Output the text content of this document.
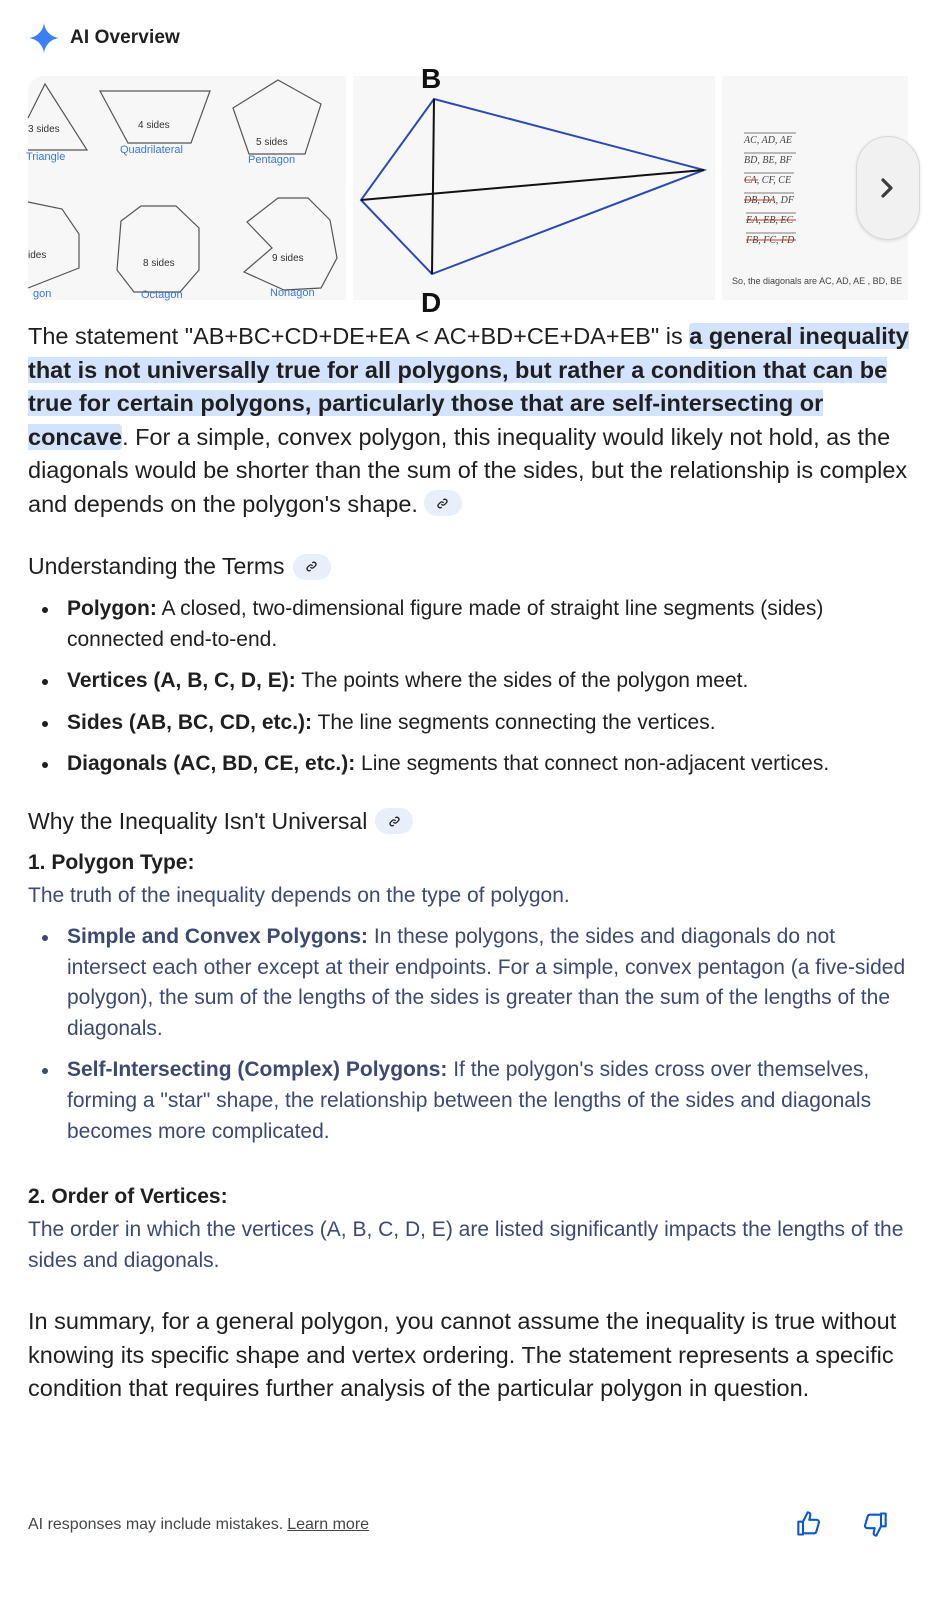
AI Overview
3 sides	4 sides
5 sides
ides
8 sides	9 sides
Triangle
Quadrilateral
Pentagon
gon	Octagon	Nonagon
B
D
AC, AD, AE
BD, BE, BF
CA, CF, CE
DB, DA, DF
EA, EB, EC
FB, FC, FD
So, the diagonals are AC, AD, AE , BD, BE

The statement "AB+BC+CD+DE+EA < AC+BD+CE+DA+EB" is a general inequality that is not universally true for all polygons, but rather a condition that can be true for certain polygons, particularly those that are self-intersecting or concave. For a simple, convex polygon, this inequality would likely not hold, as the diagonals would be shorter than the sum of the sides, but the relationship is complex and depends on the polygon's shape.

Understanding the Terms
Polygon: A closed, two-dimensional figure made of straight line segments (sides) connected end-to-end.
Vertices (A, B, C, D, E): The points where the sides of the polygon meet.
Sides (AB, BC, CD, etc.): The line segments connecting the vertices.
Diagonals (AC, BD, CE, etc.): Line segments that connect non-adjacent vertices.
Why the Inequality Isn't Universal
1. Polygon Type:
The truth of the inequality depends on the type of polygon.
Simple and Convex Polygons: In these polygons, the sides and diagonals do not intersect each other except at their endpoints. For a simple, convex pentagon (a five-sided polygon), the sum of the lengths of the sides is greater than the sum of the lengths of the diagonals.
Self-Intersecting (Complex) Polygons: If the polygon's sides cross over themselves, forming a "star" shape, the relationship between the lengths of the sides and diagonals becomes more complicated.
2. Order of Vertices:
The order in which the vertices (A, B, C, D, E) are listed significantly impacts the lengths of the sides and diagonals.

In summary, for a general polygon, you cannot assume the inequality is true without knowing its specific shape and vertex ordering. The statement represents a specific condition that requires further analysis of the particular polygon in question.

AI responses may include mistakes. Learn more
